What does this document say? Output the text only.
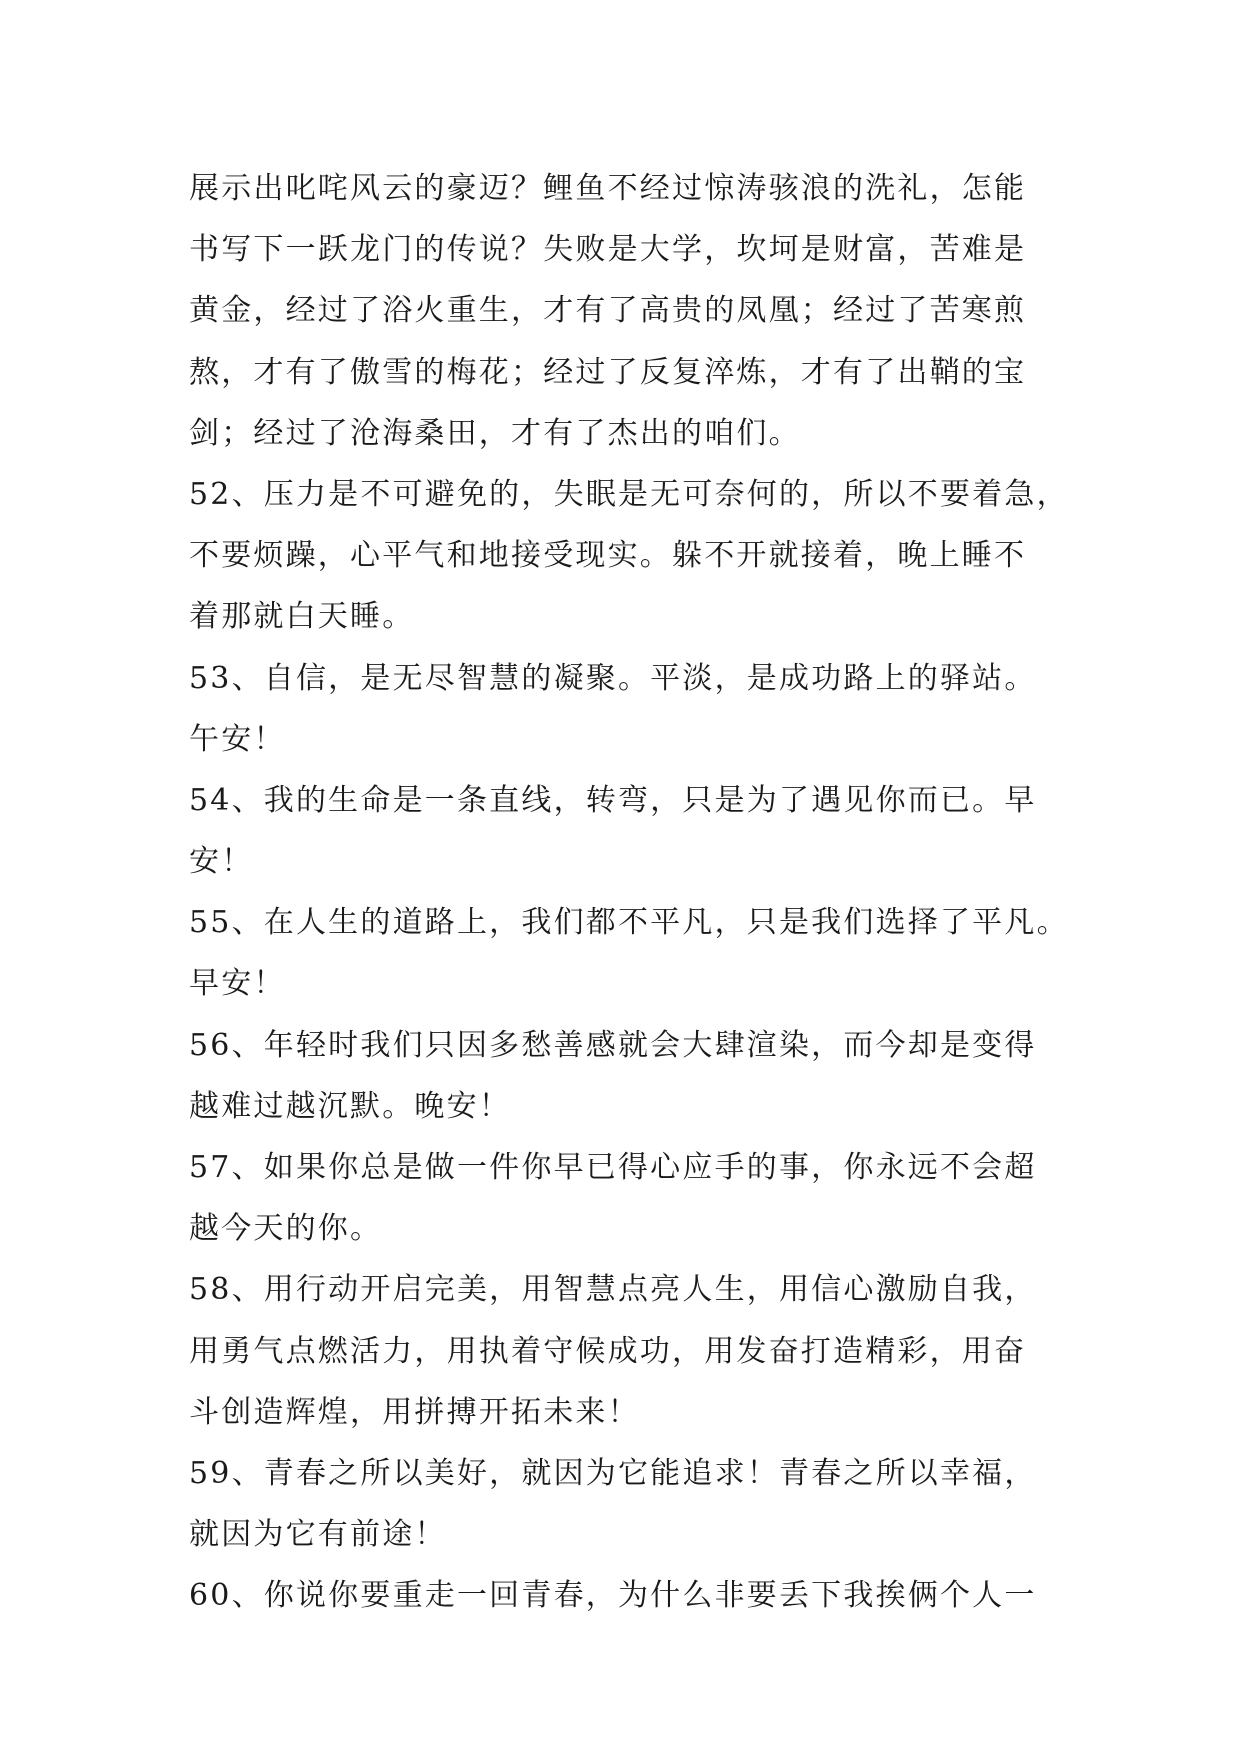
展示出叱咤风云的豪迈？鲤鱼不经过惊涛骇浪的洗礼，怎能
书写下一跃龙门的传说？失败是大学，坎坷是财富，苦难是
黄金，经过了浴火重生，才有了高贵的凤凰；经过了苦寒煎
熬，才有了傲雪的梅花；经过了反复淬炼，才有了出鞘的宝
剑；经过了沧海桑田，才有了杰出的咱们。
52、压力是不可避免的，失眠是无可奈何的，所以不要着急，
不要烦躁，心平气和地接受现实。躲不开就接着，晚上睡不
着那就白天睡。
53、自信，是无尽智慧的凝聚。平淡，是成功路上的驿站。
午安！
54、我的生命是一条直线，转弯，只是为了遇见你而已。早
安！
55、在人生的道路上，我们都不平凡，只是我们选择了平凡。
早安！
56、年轻时我们只因多愁善感就会大肆渲染，而今却是变得
越难过越沉默。晚安！
57、如果你总是做一件你早已得心应手的事，你永远不会超
越今天的你。
58、用行动开启完美，用智慧点亮人生，用信心激励自我，
用勇气点燃活力，用执着守候成功，用发奋打造精彩，用奋
斗创造辉煌，用拼搏开拓未来！
59、青春之所以美好，就因为它能追求！青春之所以幸福，
就因为它有前途！
60、你说你要重走一回青春，为什么非要丢下我挨俩个人一
